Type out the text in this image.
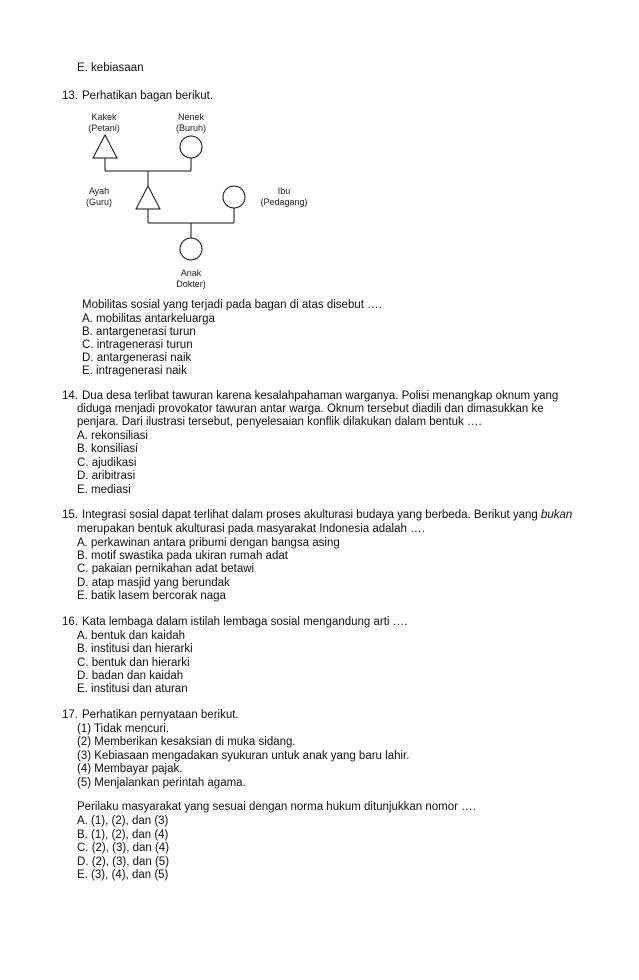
E. kebiasaan
13. Perhatikan bagan berikut.
Kakek
(Petani)
Nenek
(Buruh)
Ayah
(Guru)
Ibu
(Pedagang)
Anak
Dokter)
Mobilitas sosial yang terjadi pada bagan di atas disebut ….
A. mobilitas antarkeluarga
B. antargenerasi turun
C. intragenerasi turun
D. antargenerasi naik
E. intragenerasi naik
14. Dua desa terlibat tawuran karena kesalahpahaman warganya. Polisi menangkap oknum yang
diduga menjadi provokator tawuran antar warga. Oknum tersebut diadili dan dimasukkan ke
penjara. Dari ilustrasi tersebut, penyelesaian konflik dilakukan dalam bentuk ….
A. rekonsiliasi
B. konsiliasi
C. ajudikasi
D. aribitrasi
E. mediasi
15. Integrasi sosial dapat terlihat dalam proses akulturasi budaya yang berbeda. Berikut yang bukan
merupakan bentuk akulturasi pada masyarakat Indonesia adalah ….
A. perkawinan antara pribumi dengan bangsa asing
B. motif swastika pada ukiran rumah adat
C. pakaian pernikahan adat betawi
D. atap masjid yang berundak
E. batik lasem bercorak naga
16. Kata lembaga dalam istilah lembaga sosial mengandung arti ….
A. bentuk dan kaidah
B. institusi dan hierarki
C. bentuk dan hierarki
D. badan dan kaidah
E. institusi dan aturan
17. Perhatikan pernyataan berikut.
(1) Tidak mencuri.
(2) Memberikan kesaksian di muka sidang.
(3) Kebiasaan mengadakan syukuran untuk anak yang baru lahir.
(4) Membayar pajak.
(5) Menjalankan perintah agama.
Perilaku masyarakat yang sesuai dengan norma hukum ditunjukkan nomor ….
A. (1), (2), dan (3)
B. (1), (2), dan (4)
C. (2), (3), dan (4)
D. (2), (3), dan (5)
E. (3), (4), dan (5)
